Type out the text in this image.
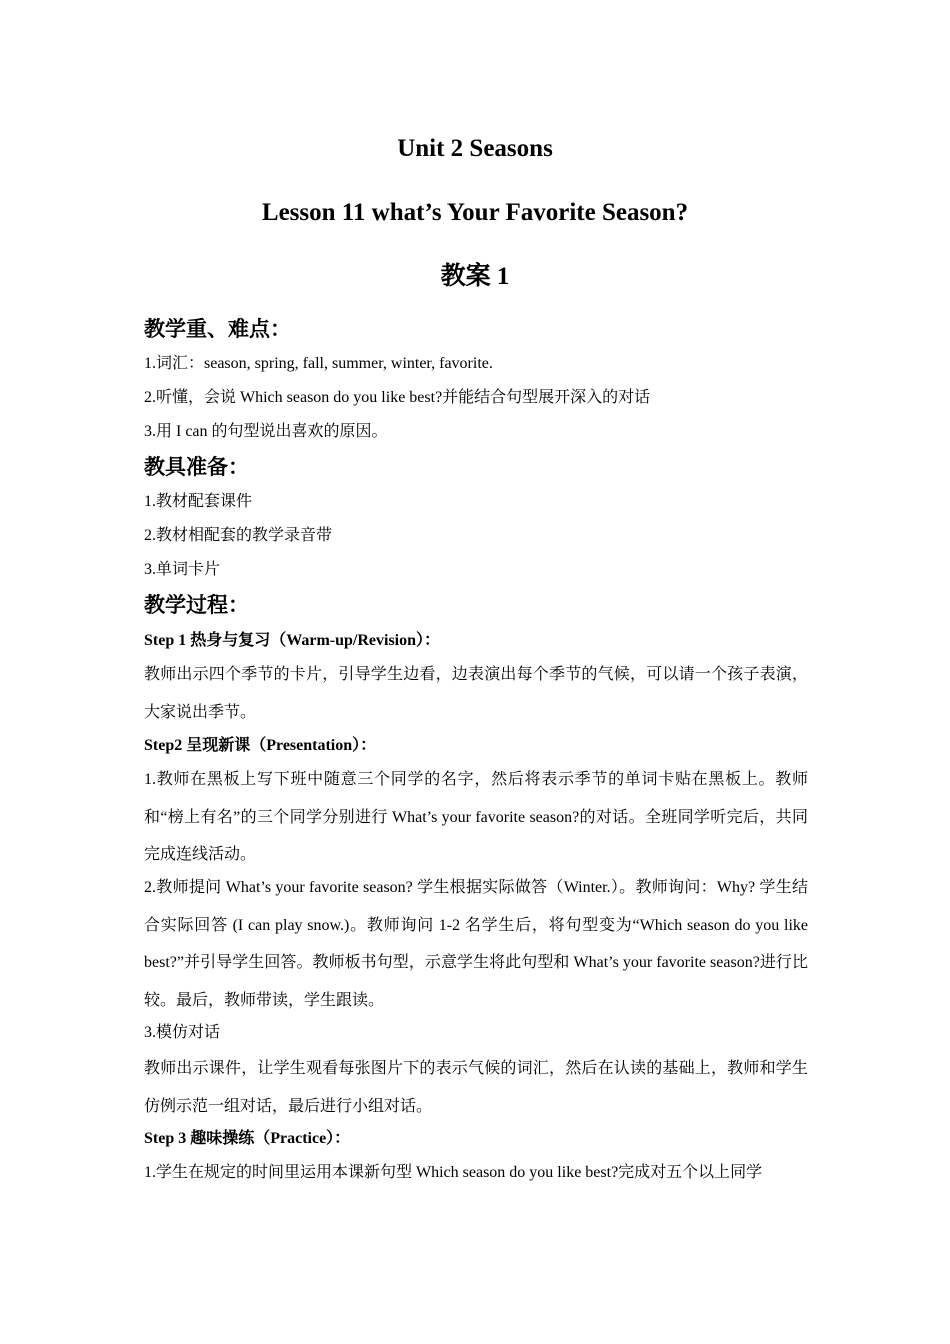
Unit 2 Seasons
Lesson 11 what’s Your Favorite Season?
教案 1
教学重、难点：
1.词汇：season, spring, fall, summer, winter, favorite.
2.听懂，会说 Which season do you like best?并能结合句型展开深入的对话
3.用 I can 的句型说出喜欢的原因。
教具准备：
1.教材配套课件
2.教材相配套的教学录音带
3.单词卡片
教学过程：
Step 1 热身与复习（Warm-up/Revision）：
教师出示四个季节的卡片，引导学生边看，边表演出每个季节的气候，可以请一个孩子表演，大家说出季节。
Step2 呈现新课（Presentation）：
1.教师在黑板上写下班中随意三个同学的名字，然后将表示季节的单词卡贴在黑板上。教师和“榜上有名”的三个同学分别进行 What’s your favorite season?的对话。全班同学听完后，共同完成连线活动。
2.教师提问 What’s your favorite season? 学生根据实际做答（Winter.）。教师询问：Why? 学生结合实际回答 (I can play snow.)。教师询问 1-2 名学生后，将句型变为“Which season do you like best?”并引导学生回答。教师板书句型，示意学生将此句型和 What’s your favorite season?进行比较。最后，教师带读，学生跟读。
3.模仿对话
教师出示课件，让学生观看每张图片下的表示气候的词汇，然后在认读的基础上，教师和学生仿例示范一组对话，最后进行小组对话。
Step 3 趣味操练（Practice）：
1.学生在规定的时间里运用本课新句型 Which season do you like best?完成对五个以上同学
